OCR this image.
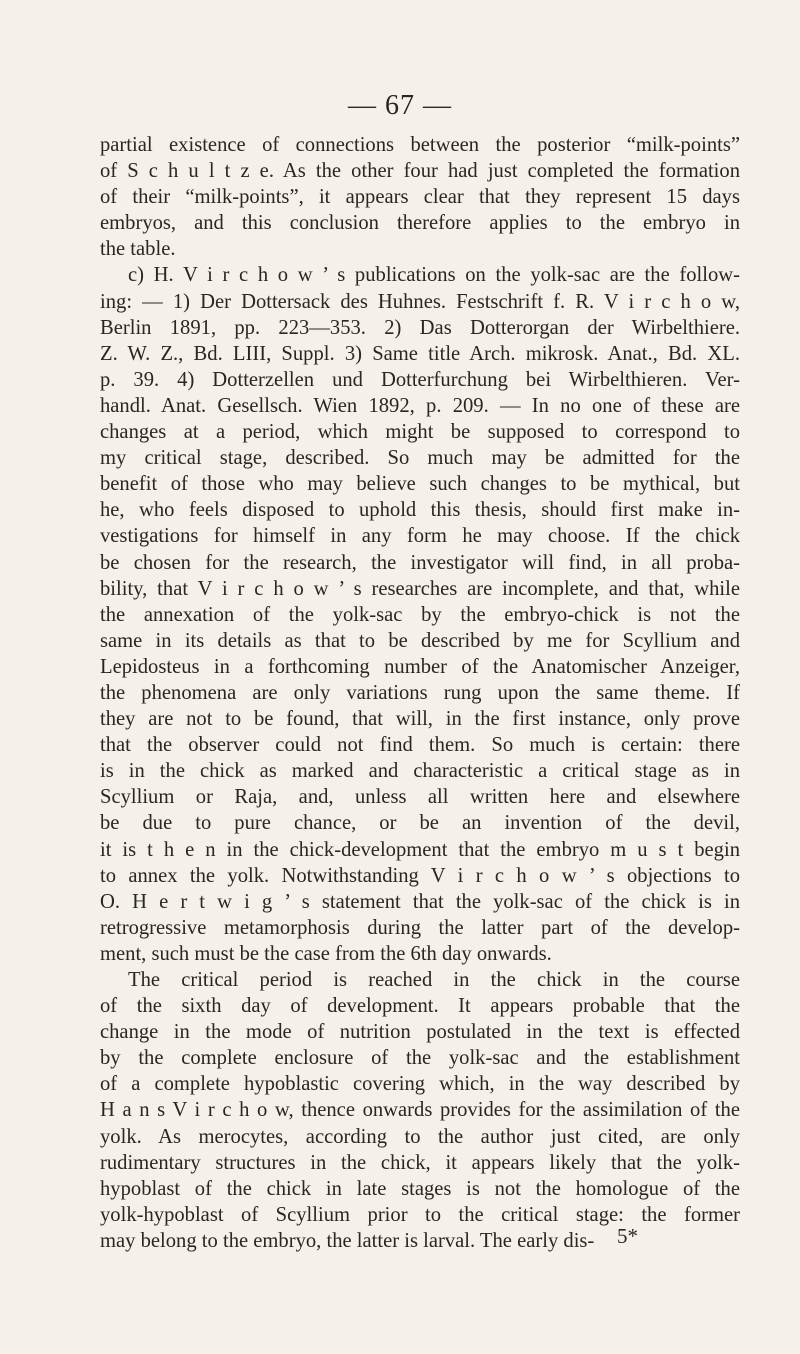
— 67 —
partial existence of connections between the posterior “milk-points”
of S c h u l t z e. As the other four had just completed the formation
of their “milk-points”, it appears clear that they represent 15 days
embryos, and this conclusion therefore applies to the embryo in
the table.
c) H. V i r c h o w ’ s publications on the yolk-sac are the follow-
ing: — 1) Der Dottersack des Huhnes. Festschrift f. R. V i r c h o w,
Berlin 1891, pp. 223—353. 2) Das Dotterorgan der Wirbelthiere.
Z. W. Z., Bd. LIII, Suppl. 3) Same title Arch. mikrosk. Anat., Bd. XL.
p. 39. 4) Dotterzellen und Dotterfurchung bei Wirbelthieren. Ver-
handl. Anat. Gesellsch. Wien 1892, p. 209. — In no one of these are
changes at a period, which might be supposed to correspond to
my critical stage, described. So much may be admitted for the
benefit of those who may believe such changes to be mythical, but
he, who feels disposed to uphold this thesis, should first make in-
vestigations for himself in any form he may choose. If the chick
be chosen for the research, the investigator will find, in all proba-
bility, that V i r c h o w ’ s researches are incomplete, and that, while
the annexation of the yolk-sac by the embryo-chick is not the
same in its details as that to be described by me for Scyllium and
Lepidosteus in a forthcoming number of the Anatomischer Anzeiger,
the phenomena are only variations rung upon the same theme. If
they are not to be found, that will, in the first instance, only prove
that the observer could not find them. So much is certain: there
is in the chick as marked and characteristic a critical stage as in
Scyllium or Raja, and, unless all written here and elsewhere
be due to pure chance, or be an invention of the devil,
it is t h e n in the chick-development that the embryo m u s t begin
to annex the yolk. Notwithstanding V i r c h o w ’ s objections to
O. H e r t w i g ’ s statement that the yolk-sac of the chick is in
retrogressive metamorphosis during the latter part of the develop-
ment, such must be the case from the 6th day onwards.
The critical period is reached in the chick in the course
of the sixth day of development. It appears probable that the
change in the mode of nutrition postulated in the text is effected
by the complete enclosure of the yolk-sac and the establishment
of a complete hypoblastic covering which, in the way described by
H a n s V i r c h o w, thence onwards provides for the assimilation of the
yolk. As merocytes, according to the author just cited, are only
rudimentary structures in the chick, it appears likely that the yolk-
hypoblast of the chick in late stages is not the homologue of the
yolk-hypoblast of Scyllium prior to the critical stage: the former
may belong to the embryo, the latter is larval. The early dis-	5*
